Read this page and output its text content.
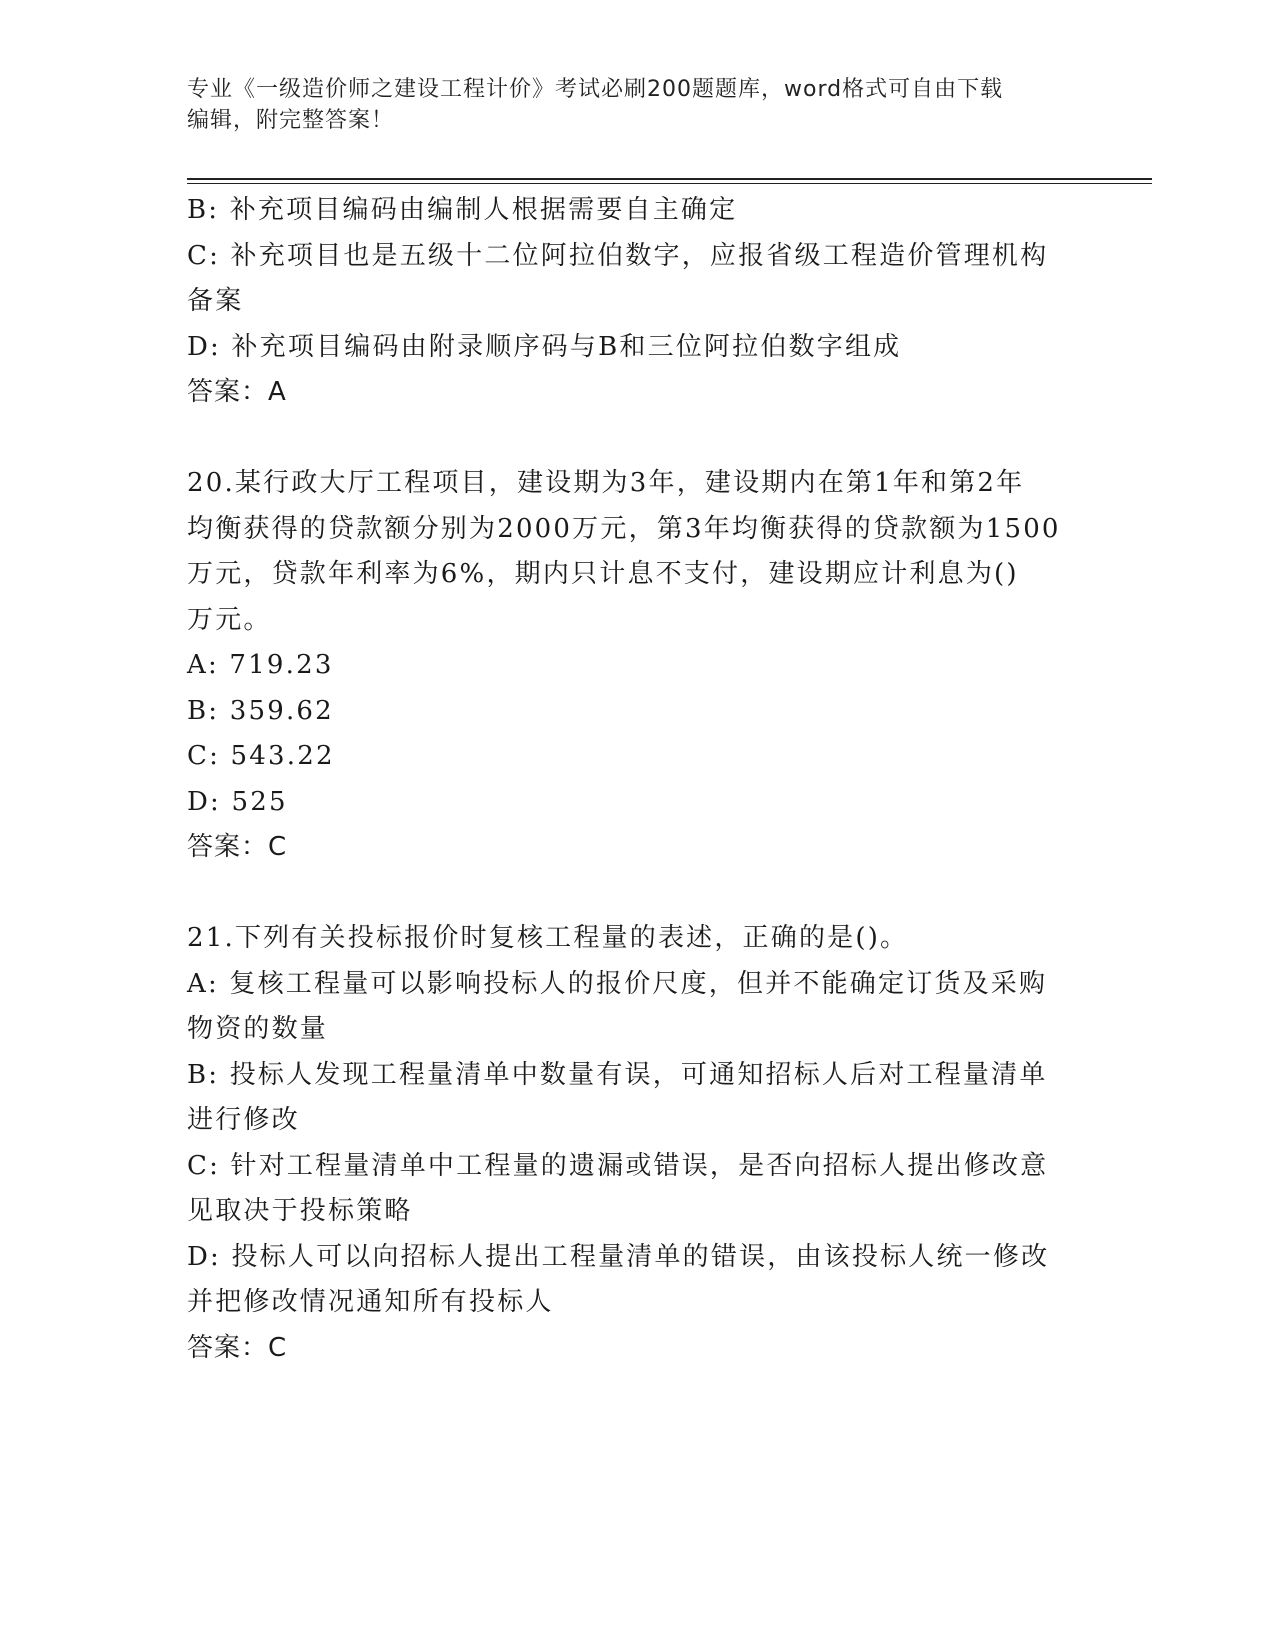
专业《一级造价师之建设工程计价》考试必刷200题题库，word格式可自由下载
编辑，附完整答案！
B: 补充项目编码由编制人根据需要自主确定
C: 补充项目也是五级十二位阿拉伯数字，应报省级工程造价管理机构
备案
D: 补充项目编码由附录顺序码与B和三位阿拉伯数字组成
答案：A
20.某行政大厅工程项目，建设期为3年，建设期内在第1年和第2年
均衡获得的贷款额分别为2000万元，第3年均衡获得的贷款额为1500
万元，贷款年利率为6%，期内只计息不支付，建设期应计利息为()
万元。
A: 719.23
B: 359.62
C: 543.22
D: 525
答案：C
21.下列有关投标报价时复核工程量的表述，正确的是()。
A: 复核工程量可以影响投标人的报价尺度，但并不能确定订货及采购
物资的数量
B: 投标人发现工程量清单中数量有误，可通知招标人后对工程量清单
进行修改
C: 针对工程量清单中工程量的遗漏或错误，是否向招标人提出修改意
见取决于投标策略
D: 投标人可以向招标人提出工程量清单的错误，由该投标人统一修改
并把修改情况通知所有投标人
答案：C
